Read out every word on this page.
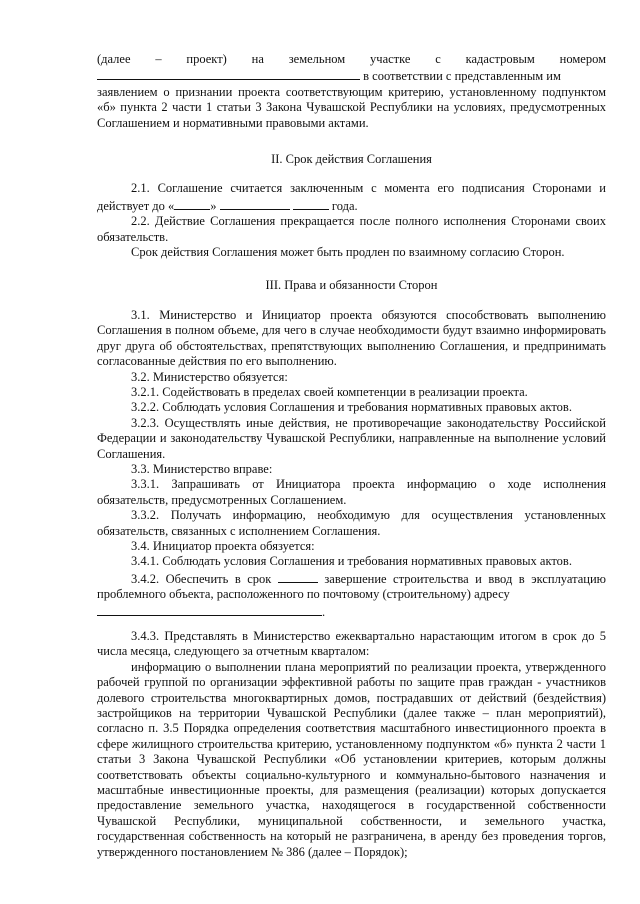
(далее – проект) на земельном участке с кадастровым номером

в соответствии с представленным им

заявлением о признании проекта соответствующим критерию, установленному подпунктом «б» пункта 2 части 1 статьи 3 Закона Чувашской Республики на условиях, предусмотренных Соглашением и нормативными правовыми актами.

II. Срок действия Соглашения

2.1. Соглашение считается заключенным с момента его подписания Сторонами и действует до «	»	года.

2.2. Действие Соглашения прекращается после полного исполнения Сторонами своих обязательств.

Срок действия Соглашения может быть продлен по взаимному согласию Сторон.

III. Права и обязанности Сторон

3.1. Министерство и Инициатор проекта обязуются способствовать выполнению Соглашения в полном объеме, для чего в случае необходимости будут взаимно информировать друг друга об обстоятельствах, препятствующих выполнению Соглашения, и предпринимать согласованные действия по его выполнению.

3.2. Министерство обязуется:

3.2.1. Содействовать в пределах своей компетенции в реализации проекта.

3.2.2. Соблюдать условия Соглашения и требования нормативных правовых актов.

3.2.3. Осуществлять иные действия, не противоречащие законодательству Российской Федерации и законодательству Чувашской Республики, направленные на выполнение условий Соглашения.

3.3. Министерство вправе:

3.3.1. Запрашивать от Инициатора проекта информацию о ходе исполнения обязательств, предусмотренных Соглашением.

3.3.2. Получать информацию, необходимую для осуществления установленных обязательств, связанных с исполнением Соглашения.

3.4. Инициатор проекта обязуется:

3.4.1. Соблюдать условия Соглашения и требования нормативных правовых актов.

3.4.2. Обеспечить в срок	завершение строительства и ввод в эксплуатацию проблемного объекта, расположенного по почтовому (строительному) адресу

.

3.4.3. Представлять в Министерство ежеквартально нарастающим итогом в срок до 5 числа месяца, следующего за отчетным кварталом:

информацию о выполнении плана мероприятий по реализации проекта, утвержденного рабочей группой по организации эффективной работы по защите прав граждан - участников долевого строительства многоквартирных домов, пострадавших от действий (бездействия) застройщиков на территории Чувашской Республики (далее также – план мероприятий), согласно п. 3.5 Порядка определения соответствия масштабного инвестиционного проекта в сфере жилищного строительства критерию, установленному подпунктом «б» пункта 2 части 1 статьи 3 Закона Чувашской Республики «Об установлении критериев, которым должны соответствовать объекты социально-культурного и коммунально-бытового назначения и масштабные инвестиционные проекты, для размещения (реализации) которых допускается предоставление земельного участка, находящегося в государственной собственности Чувашской Республики, муниципальной собственности, и земельного участка, государственная собственность на который не разграничена, в аренду без проведения торгов, утвержденного постановлением № 386 (далее – Порядок);
